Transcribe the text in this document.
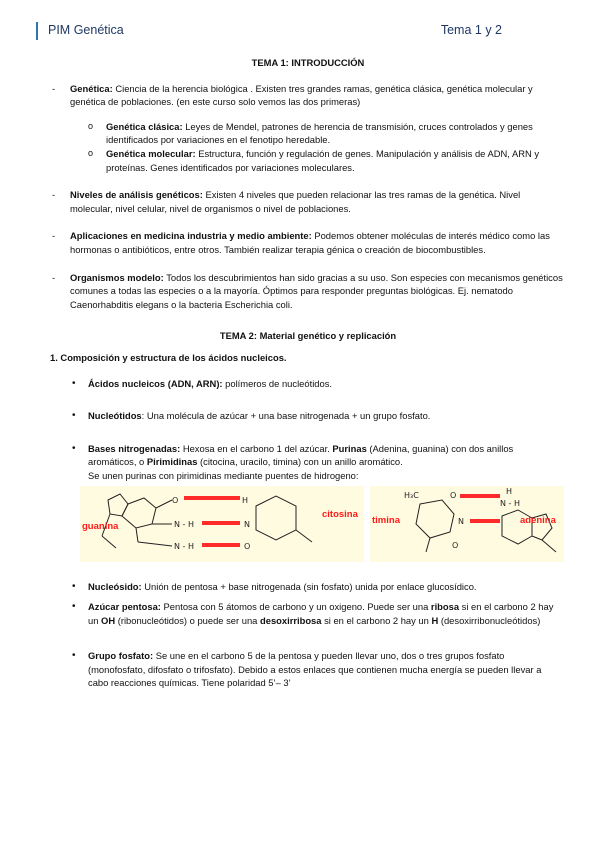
PIM Genética	Tema 1 y 2
TEMA 1: INTRODUCCIÓN
- Genética: Ciencia de la herencia biológica . Existen tres grandes ramas, genética clásica, genética molecular y genética de poblaciones. (en este curso solo vemos las dos primeras)
o Genética clásica: Leyes de Mendel, patrones de herencia de transmisión, cruces controlados y genes identificados por variaciones en el fenotipo heredable.
o Genética molecular: Estructura, función y regulación de genes. Manipulación y análisis de ADN, ARN y proteínas. Genes identificados por variaciones moleculares.
- Niveles de análisis genéticos: Existen 4 niveles que pueden relacionar las tres ramas de la genética. Nivel molecular, nivel celular, nivel de organismos o nivel de poblaciones.
- Aplicaciones en medicina industria y medio ambiente: Podemos obtener moléculas de interés médico como las hormonas o antibióticos, entre otros. También realizar terapia génica o creación de biocombustibles.
- Organismos modelo: Todos los descubrimientos han sido gracias a su uso. Son especies con mecanismos genéticos comunes a todas las especies o a la mayoría. Óptimos para responder preguntas biológicas. Ej. nematodo Caenorhabditis elegans o la bacteria Escherichia coli.
TEMA 2: Material genético y replicación
1. Composición y estructura de los ácidos nucleicos.
• Ácidos nucleicos (ADN, ARN): polímeros de nucleótidos.
• Nucleótidos: Una molécula de azúcar + una base nitrogenada + un grupo fosfato.
• Bases nitrogenadas: Hexosa en el carbono 1 del azúcar. Purinas (Adenina, guanina) con dos anillos aromáticos, o Pirimidinas (citocina, uracilo, timina) con un anillo aromático.
Se unen purinas con pirimidinas mediante puentes de hidrogeno:
O
N - H
N - H
H
N
O
guanina
citosina
H₃C	O
N
O
H
N - H
timina	adenina
• Nucleósido: Unión de pentosa + base nitrogenada (sin fosfato) unida por enlace glucosídico.
• Azúcar pentosa: Pentosa con 5 átomos de carbono y un oxigeno. Puede ser una ribosa si en el carbono 2 hay un OH (ribonucleótidos) o puede ser una desoxirribosa si en el carbono 2 hay un H (desoxirribonucleótidos)
• Grupo fosfato: Se une en el carbono 5 de la pentosa y pueden llevar uno, dos o tres grupos fosfato (monofosfato, difosfato o trifosfato). Debido a estos enlaces que contienen mucha energía se pueden llevar a cabo reacciones químicas. Tiene polaridad 5’– 3’
